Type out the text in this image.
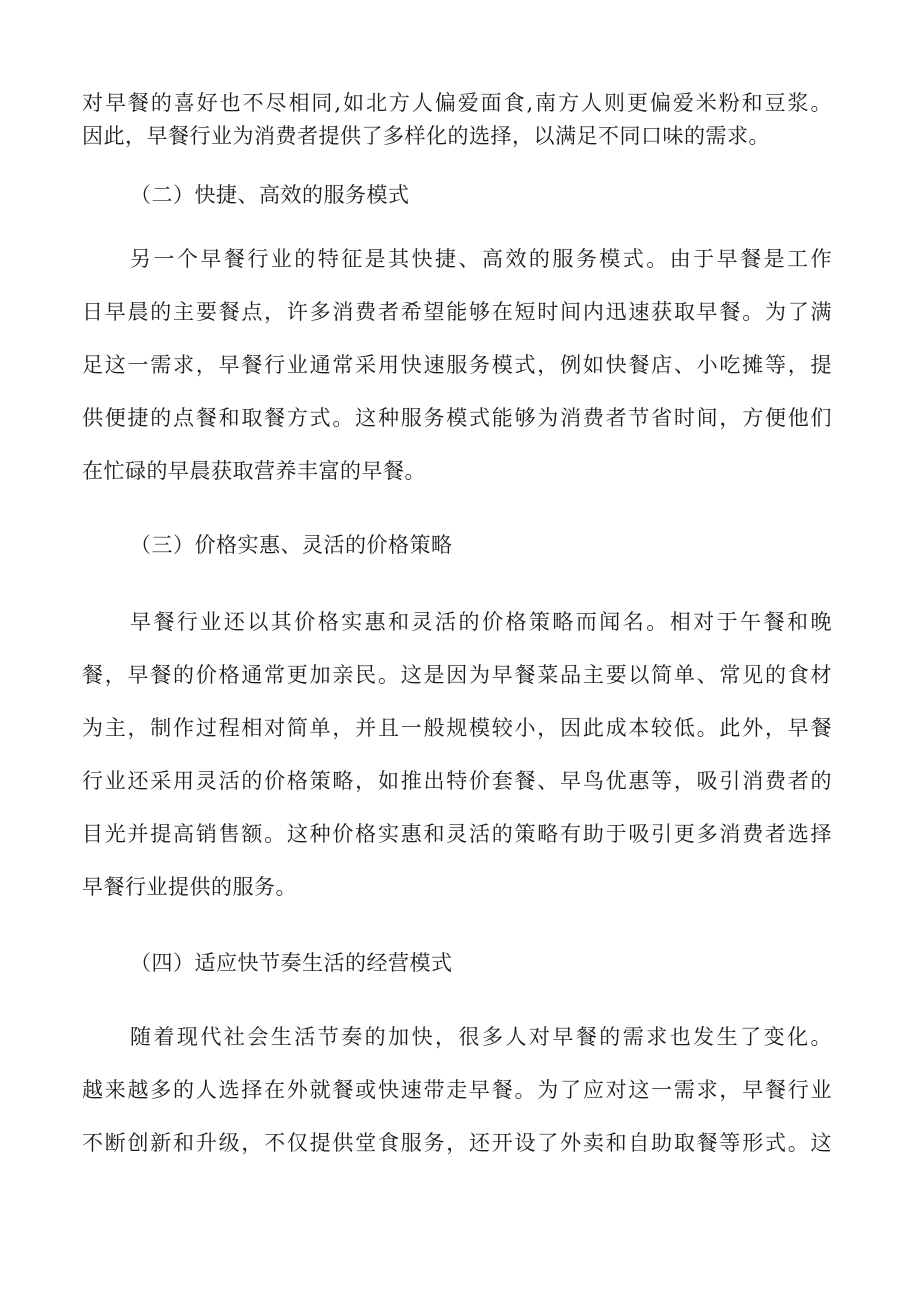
对早餐的喜好也不尽相同,如北方人偏爱面食,南方人则更偏爱米粉和豆浆。
因此，早餐行业为消费者提供了多样化的选择，以满足不同口味的需求。
（二）快捷、高效的服务模式
另一个早餐行业的特征是其快捷、高效的服务模式。由于早餐是工作
日早晨的主要餐点，许多消费者希望能够在短时间内迅速获取早餐。为了满
足这一需求，早餐行业通常采用快速服务模式，例如快餐店、小吃摊等，提
供便捷的点餐和取餐方式。这种服务模式能够为消费者节省时间，方便他们
在忙碌的早晨获取营养丰富的早餐。
（三）价格实惠、灵活的价格策略
早餐行业还以其价格实惠和灵活的价格策略而闻名。相对于午餐和晚
餐，早餐的价格通常更加亲民。这是因为早餐菜品主要以简单、常见的食材
为主，制作过程相对简单，并且一般规模较小，因此成本较低。此外，早餐
行业还采用灵活的价格策略，如推出特价套餐、早鸟优惠等，吸引消费者的
目光并提高销售额。这种价格实惠和灵活的策略有助于吸引更多消费者选择
早餐行业提供的服务。
（四）适应快节奏生活的经营模式
随着现代社会生活节奏的加快，很多人对早餐的需求也发生了变化。
越来越多的人选择在外就餐或快速带走早餐。为了应对这一需求，早餐行业
不断创新和升级，不仅提供堂食服务，还开设了外卖和自助取餐等形式。这
